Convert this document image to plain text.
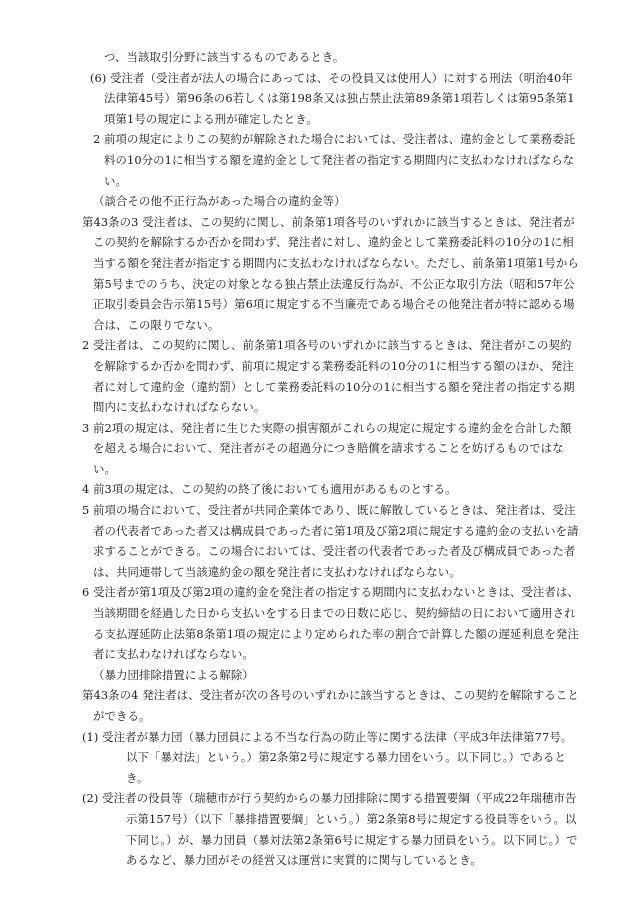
つ、当該取引分野に該当するものであるとき。

(6) 受注者（受注者が法人の場合にあっては、その役員又は使用人）に対する刑法（明治40年法律第45号）第96条の6若しくは第198条又は独占禁止法第89条第1項若しくは第95条第1項第1号の規定による刑が確定したとき。

2 前項の規定によりこの契約が解除された場合においては、受注者は、違約金として業務委託料の10分の1に相当する額を違約金として発注者の指定する期間内に支払わなければならない。

（談合その他不正行為があった場合の違約金等）

第43条の3 受注者は、この契約に関し、前条第1項各号のいずれかに該当するときは、発注者がこの契約を解除するか否かを問わず、発注者に対し、違約金として業務委託料の10分の1に相当する額を発注者が指定する期間内に支払わなければならない。ただし、前条第1項第1号から第5号までのうち、決定の対象となる独占禁止法違反行為が、不公正な取引方法（昭和57年公正取引委員会告示第15号）第6項に規定する不当廉売である場合その他発注者が特に認める場合は、この限りでない。

2 受注者は、この契約に関し、前条第1項各号のいずれかに該当するときは、発注者がこの契約を解除するか否かを問わず、前項に規定する業務委託料の10分の1に相当する額のほか、発注者に対して違約金（違約罰）として業務委託料の10分の1に相当する額を発注者の指定する期間内に支払わなければならない。

3 前2項の規定は、発注者に生じた実際の損害額がこれらの規定に規定する違約金を合計した額を超える場合において、発注者がその超過分につき賠償を請求することを妨げるものではない。

4 前3項の規定は、この契約の終了後においても適用があるものとする。

5 前項の場合において、受注者が共同企業体であり、既に解散しているときは、発注者は、受注者の代表者であった者又は構成員であった者に第1項及び第2項に規定する違約金の支払いを請求することができる。この場合においては、受注者の代表者であった者及び構成員であった者は、共同連帯して当該違約金の額を発注者に支払わなければならない。

6 受注者が第1項及び第2項の違約金を発注者の指定する期間内に支払わないときは、受注者は、当該期間を経過した日から支払いをする日までの日数に応じ、契約締結の日において適用される支払遅延防止法第8条第1項の規定により定められた率の割合で計算した額の遅延利息を発注者に支払わなければならない。

（暴力団排除措置による解除）

第43条の4 発注者は、受注者が次の各号のいずれかに該当するときは、この契約を解除することができる。

(1) 受注者が暴力団（暴力団員による不当な行為の防止等に関する法律（平成3年法律第77号。以下「暴対法」という。）第2条第2号に規定する暴力団をいう。以下同じ。）であるとき。

(2) 受注者の役員等（瑞穂市が行う契約からの暴力団排除に関する措置要綱（平成22年瑞穂市告示第157号）（以下「暴排措置要綱」という。）第2条第8号に規定する役員等をいう。以下同じ。）が、暴力団員（暴対法第2条第6号に規定する暴力団員をいう。以下同じ。）であるなど、暴力団がその経営又は運営に実質的に関与しているとき。
